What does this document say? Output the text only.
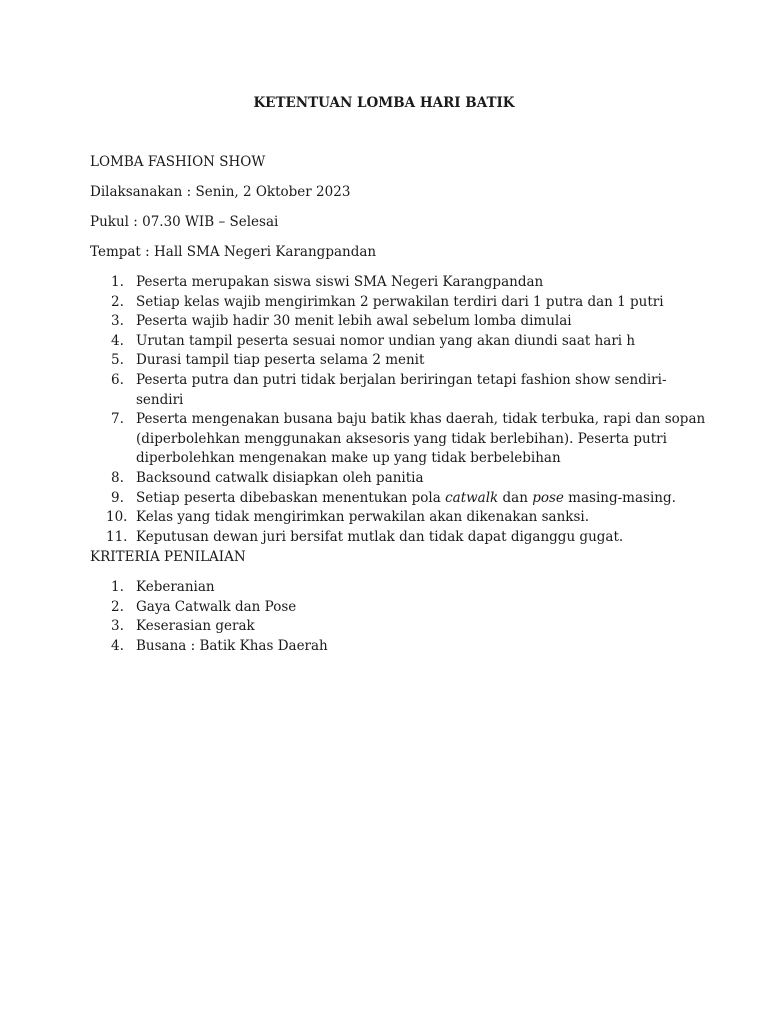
KETENTUAN LOMBA HARI BATIK
LOMBA FASHION SHOW
Dilaksanakan : Senin, 2 Oktober 2023
Pukul : 07.30 WIB – Selesai
Tempat : Hall SMA Negeri Karangpandan
1. Peserta merupakan siswa siswi SMA Negeri Karangpandan
2. Setiap kelas wajib mengirimkan 2 perwakilan terdiri dari 1 putra dan 1 putri
3. Peserta wajib hadir 30 menit lebih awal sebelum lomba dimulai
4. Urutan tampil peserta sesuai nomor undian yang akan diundi saat hari h
5. Durasi tampil tiap peserta selama 2 menit
6. Peserta putra dan putri tidak berjalan beriringan tetapi fashion show sendiri-sendiri
7. Peserta mengenakan busana baju batik khas daerah, tidak terbuka, rapi dan sopan
(diperbolehkan menggunakan aksesoris yang tidak berlebihan). Peserta putri
diperbolehkan mengenakan make up yang tidak berbelebihan
8. Backsound catwalk disiapkan oleh panitia
9. Setiap peserta dibebaskan menentukan pola catwalk dan pose masing-masing.
10. Kelas yang tidak mengirimkan perwakilan akan dikenakan sanksi.
11. Keputusan dewan juri bersifat mutlak dan tidak dapat diganggu gugat.
KRITERIA PENILAIAN
1. Keberanian
2. Gaya Catwalk dan Pose
3. Keserasian gerak
4. Busana : Batik Khas Daerah
